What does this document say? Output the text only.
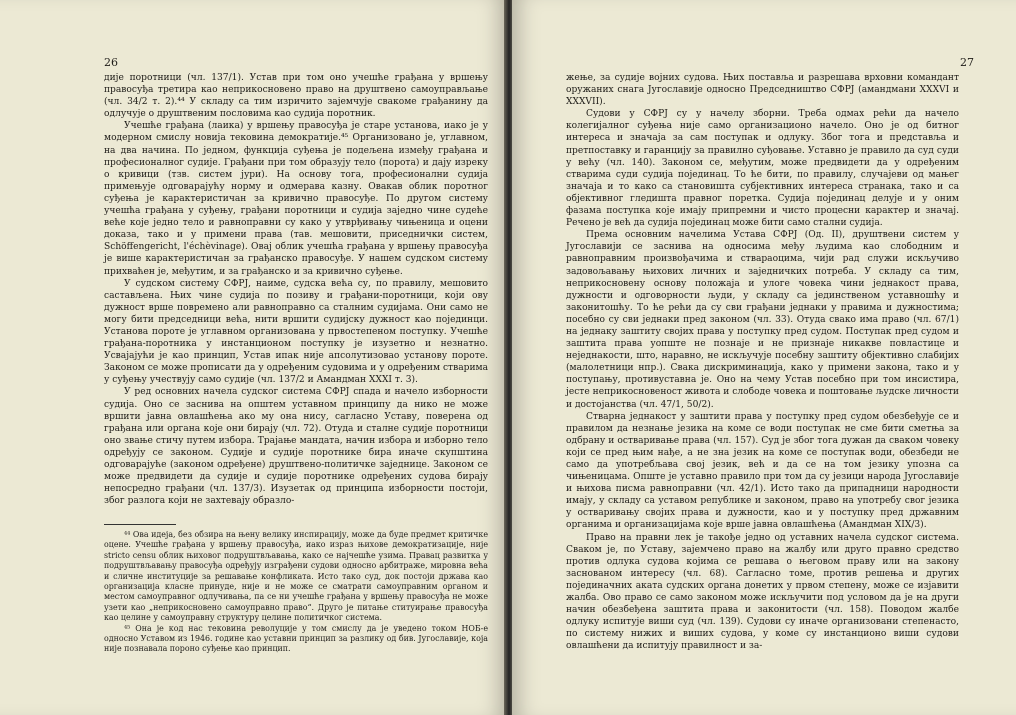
26

дије поротници (чл. 137/1). Устав при том оно учешће грађана у вршењу правосуђа третира као неприкосновено право на друштвено самоуправљање (чл. 34/2 т. 2).⁴⁴ У складу са тим изричито зајемчује свакоме грађанину да одлучује о друштвеним пословима као судија поротник.

Учешће грађана (лаика) у вршењу правосуђа је старе установа, иако је у модерном смислу новија тековина демократије.⁴⁵ Организовано је, углавном, на два начина. По једном, функција суђења је подељена између грађана и професионалног судије. Грађани при том образују тело (порота) и дају изреку о кривици (тзв. систем јури). На основу тога, професионални судија примењује одговарајућу норму и одмерава казну. Овакав облик поротног суђења је карактеристичан за кривично правосуђе. По другом систему учешћа грађана у суђењу, грађани поротници и судија заједно чине судеће веће које једно тело и равноправни су како у утврђивању чињеница и оцени доказа, тако и у примени права (тав. мешовити, приседнички систем, Schöffengericht, l'échèvinage). Овај облик учешћа грађана у вршењу правосуђа је више карактеристичан за грађанско правосуђе. У нашем судском систему прихваћен је, међутим, и за грађанско и за кривично суђење.

У судском систему СФРЈ, наиме, судска већа су, по правилу, мешовито састављена. Њих чине судија по позиву и грађани-поротници, који ову дужност врше повремено али равноправно са сталним судијама. Они само не могу бити председници већа, нити вршити судијску дужност као појединци. Установа пороте је углавном организована у првостепеном поступку. Учешће грађана-поротника у инстанционом поступку је изузетно и незнатно. Усвајајући је као принцип, Устав ипак није апсолутизовао установу пороте. Законом се може прописати да у одређеним судовима и у одређеним стварима у суђењу учествују само судије (чл. 137/2 и Амандман XXXI т. 3).

У ред основних начела судског система СФРЈ спада и начело изборности судија. Оно се заснива на општем уставном принципу да нико не може вршити јавна овлашћења ако му она нису, сагласно Уставу, поверена од грађана или органа које они бирају (чл. 72). Отуда и сталне судије поротници оно звање стичу путем избора. Трајање мандата, начин избора и изборно тело одређују се законом. Судије и судије поротнике бира иначе скупштина одговарајуће (законом одређене) друштвено-политичке заједнице. Законом се може предвидети да судије и судије поротнике одређених судова бирају непосредно грађани (чл. 137/3). Изузетак од принципа изборности постоји, због разлога који не захтевају образло-

⁴⁴ Ова идеја, без обзира на њену велику инспирацију, може да буде предмет критичке оцене. Учешће грађана у вршењу правосуђа, иако израз њихове демократизације, није stricto censu облик њиховог подруштвљавања, како се најчешће узима. Правац развитка у подруштвљавању правосуђа одређују изграђени судови односно арбитраже, мировна већа и сличне институције за решавање конфликата. Исто тако суд, док постоји држава као организација класне принуде, није и не може се сматрати самоуправним органом и местом самоуправног одлучивања, па се ни учешће грађана у вршењу правосуђа не може узети као „неприкосновено самоуправно право“. Друго је питање ституирање правосуђа као целине у самоуправну структуру целине политичког система.

⁴⁵ Она је код нас тековина револуције у том смислу да је уведено током НОБ-е односно Уставом из 1946. године као уставни принцип за разлику од бив. Југославије, која није познавала пороно суђење као принцип.

27

жење, за судије војних судова. Њих поставља и разрешава врховни командант оружаних снага Југославије односно Председништво СФРЈ (амандмани XXXVI и XXXVII).

Судови у СФРЈ су у начелу зборни. Треба одмах рећи да начело колегијалног суђења није само организационо начело. Оно је од битног интереса и значаја за сам поступак и одлуку. Због тога и представља и претпоставку и гаранцију за правилно суђовање. Уставно је правило да суд суди у већу (чл. 140). Законом се, међутим, може предвидети да у одређеним стварима суди судија појединац. То ће бити, по правилу, случајеви од мањег значаја и то како са становишта субјективних интереса странака, тако и са објективног гледишта правног поретка. Судија појединац делује и у оним фазама поступка које имају припремни и чисто процесни карактер и значај. Речено је већ да судија појединац може бити само стални судија.

Према основним начелима Устава СФРЈ (Од. II), друштвени систем у Југославији се заснива на односима међу људима као слободним и равноправним произвођачима и ствараоцима, чији рад служи искључиво задовољавању њихових личних и заједничких потреба. У складу са тим, неприкосновену основу положаја и улоге човека чини једнакост права, дужности и одговорности људи, у складу са јединственом уставношћу и законитошћу. То ће рећи да су сви грађани једнаки у правима и дужностима; посебно су сви једнаки пред законом (чл. 33). Отуда свако има право (чл. 67/1) на једнаку заштиту својих права у поступку пред судом. Поступак пред судом и заштита права уопште не познаје и не признаје никакве повластице и неједнакости, што, наравно, не искључује посебну заштиту објективно слабијих (малолетници нпр.). Свака дискриминација, како у примени закона, тако и у поступању, противуставна је. Оно на чему Устав посебно при том инсистира, јесте неприкосновеност живота и слободе човека и поштовање људске личности и достојанства (чл. 47/1, 50/2).

Стварна једнакост у заштити права у поступку пред судом обезбеђује се и правилом да незнање језика на коме се води поступак не сме бити сметња за одбрану и остваривање права (чл. 157). Суд је због тога дужан да сваком човеку који се пред њим нађе, а не зна језик на коме се поступак води, обезбеди не само да употребљава свој језик, већ и да се на том језику упозна са чињеницама. Опште је уставно правило при том да су језици народа Југославије и њихова писма равноправни (чл. 42/1). Исто тако да припадници народности имају, у складу са уставом републике и законом, право на употребу свог језика у остваривању својих права и дужности, као и у поступку пред државним органима и организацијама које врше јавна овлашћења (Амандман XIX/3).

Право на правни лек је такође једно од уставних начела судског система. Сваком је, по Уставу, зајемчено право на жалбу или друго правно средство против одлука судова којима се решава о његовом праву или на закону заснованом интересу (чл. 68). Сагласно томе, против решења и других појединачних аката судских органа донетих у првом степену, може се изјавити жалба. Ово право се само законом може искључити под условом да је на други начин обезбеђена заштита права и законитости (чл. 158). Поводом жалбе одлуку испитује виши суд (чл. 139). Судови су иначе организовани степенасто, по систему нижих и виших судова, у коме су инстанционо виши судови овлашћени да испитују правилност и за-
